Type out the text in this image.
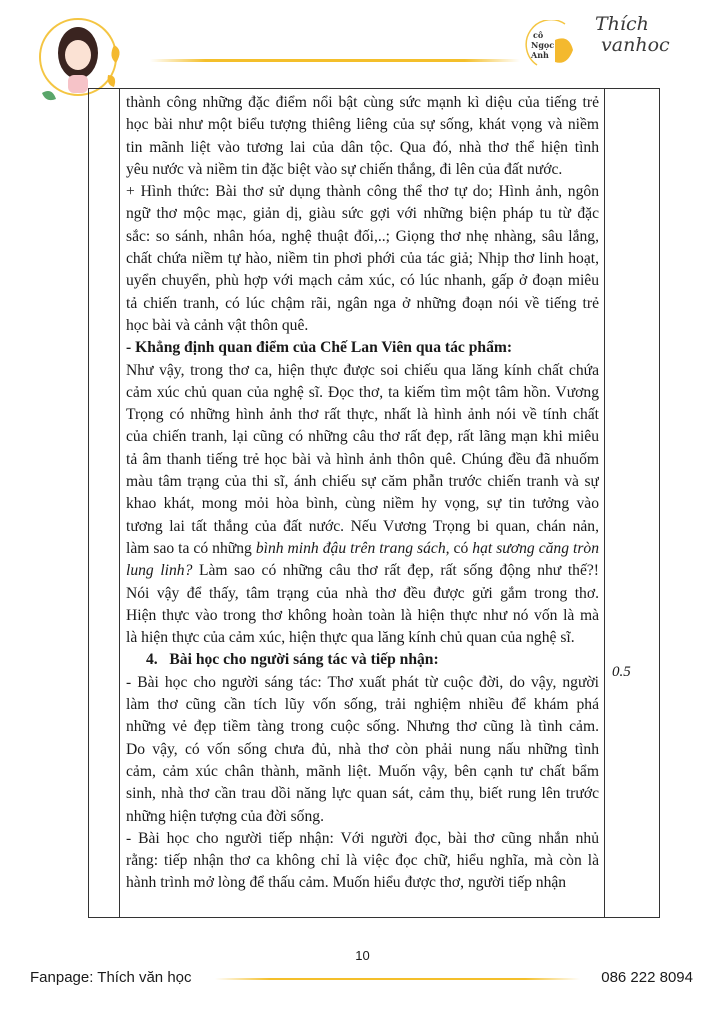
cô
Ngọc
Anh
Thích
vanhoc
thành công những đặc điểm nổi bật cùng sức mạnh kì diệu của tiếng trẻ
học bài như một biểu tượng thiêng liêng của sự sống, khát vọng và niềm
tin mãnh liệt vào tương lai của dân tộc. Qua đó, nhà thơ thể hiện tình
yêu nước và niềm tin đặc biệt vào sự chiến thắng, đi lên của đất nước.
+ Hình thức: Bài thơ sử dụng thành công thể thơ tự do; Hình ảnh, ngôn
ngữ thơ mộc mạc, giản dị, giàu sức gợi với những biện pháp tu từ đặc
sắc: so sánh, nhân hóa, nghệ thuật đối,..; Giọng thơ nhẹ nhàng, sâu lắng,
chất chứa niềm tự hào, niềm tin phơi phới của tác giả; Nhịp thơ linh hoạt,
uyển chuyển, phù hợp với mạch cảm xúc, có lúc nhanh, gấp ở đoạn miêu
tả chiến tranh, có lúc chậm rãi, ngân nga ở những đoạn nói về tiếng trẻ
học bài và cảnh vật thôn quê.
- Khẳng định quan điểm của Chế Lan Viên qua tác phẩm:
Như vậy, trong thơ ca, hiện thực được soi chiếu qua lăng kính chất chứa
cảm xúc chủ quan của nghệ sĩ. Đọc thơ, ta kiếm tìm một tâm hồn. Vương
Trọng có những hình ảnh thơ rất thực, nhất là hình ảnh nói về tính chất
của chiến tranh, lại cũng có những câu thơ rất đẹp, rất lãng mạn khi miêu
tả âm thanh tiếng trẻ học bài và hình ảnh thôn quê. Chúng đều đã nhuốm
màu tâm trạng của thi sĩ, ánh chiếu sự căm phẫn trước chiến tranh và sự
khao khát, mong mỏi hòa bình, cùng niềm hy vọng, sự tin tưởng vào
tương lai tất thắng của đất nước. Nếu Vương Trọng bi quan, chán nản,
làm sao ta có những bình minh đậu trên trang sách, có hạt sương căng tròn
lung linh? Làm sao có những câu thơ rất đẹp, rất sống động như thế?!
Nói vậy để thấy, tâm trạng của nhà thơ đều được gửi gắm trong thơ.
Hiện thực vào trong thơ không hoàn toàn là hiện thực như nó vốn là mà
là hiện thực của cảm xúc, hiện thực qua lăng kính chủ quan của nghệ sĩ.
4.   Bài học cho người sáng tác và tiếp nhận:
- Bài học cho người sáng tác: Thơ xuất phát từ cuộc đời, do vậy, người
làm thơ cũng cần tích lũy vốn sống, trải nghiệm nhiều để khám phá
những vẻ đẹp tiềm tàng trong cuộc sống. Nhưng thơ cũng là tình cảm.
Do vậy, có vốn sống chưa đủ, nhà thơ còn phải nung nấu những tình
cảm, cảm xúc chân thành, mãnh liệt. Muốn vậy, bên cạnh tư chất bẩm
sinh, nhà thơ cần trau dồi năng lực quan sát, cảm thụ, biết rung lên trước
những hiện tượng của đời sống.
- Bài học cho người tiếp nhận: Với người đọc, bài thơ cũng nhắn nhủ
rằng: tiếp nhận thơ ca không chỉ là việc đọc chữ, hiểu nghĩa, mà còn là
hành trình mở lòng để thấu cảm. Muốn hiểu được thơ, người tiếp nhận
0.5
10
Fanpage: Thích văn học	086 222 8094
